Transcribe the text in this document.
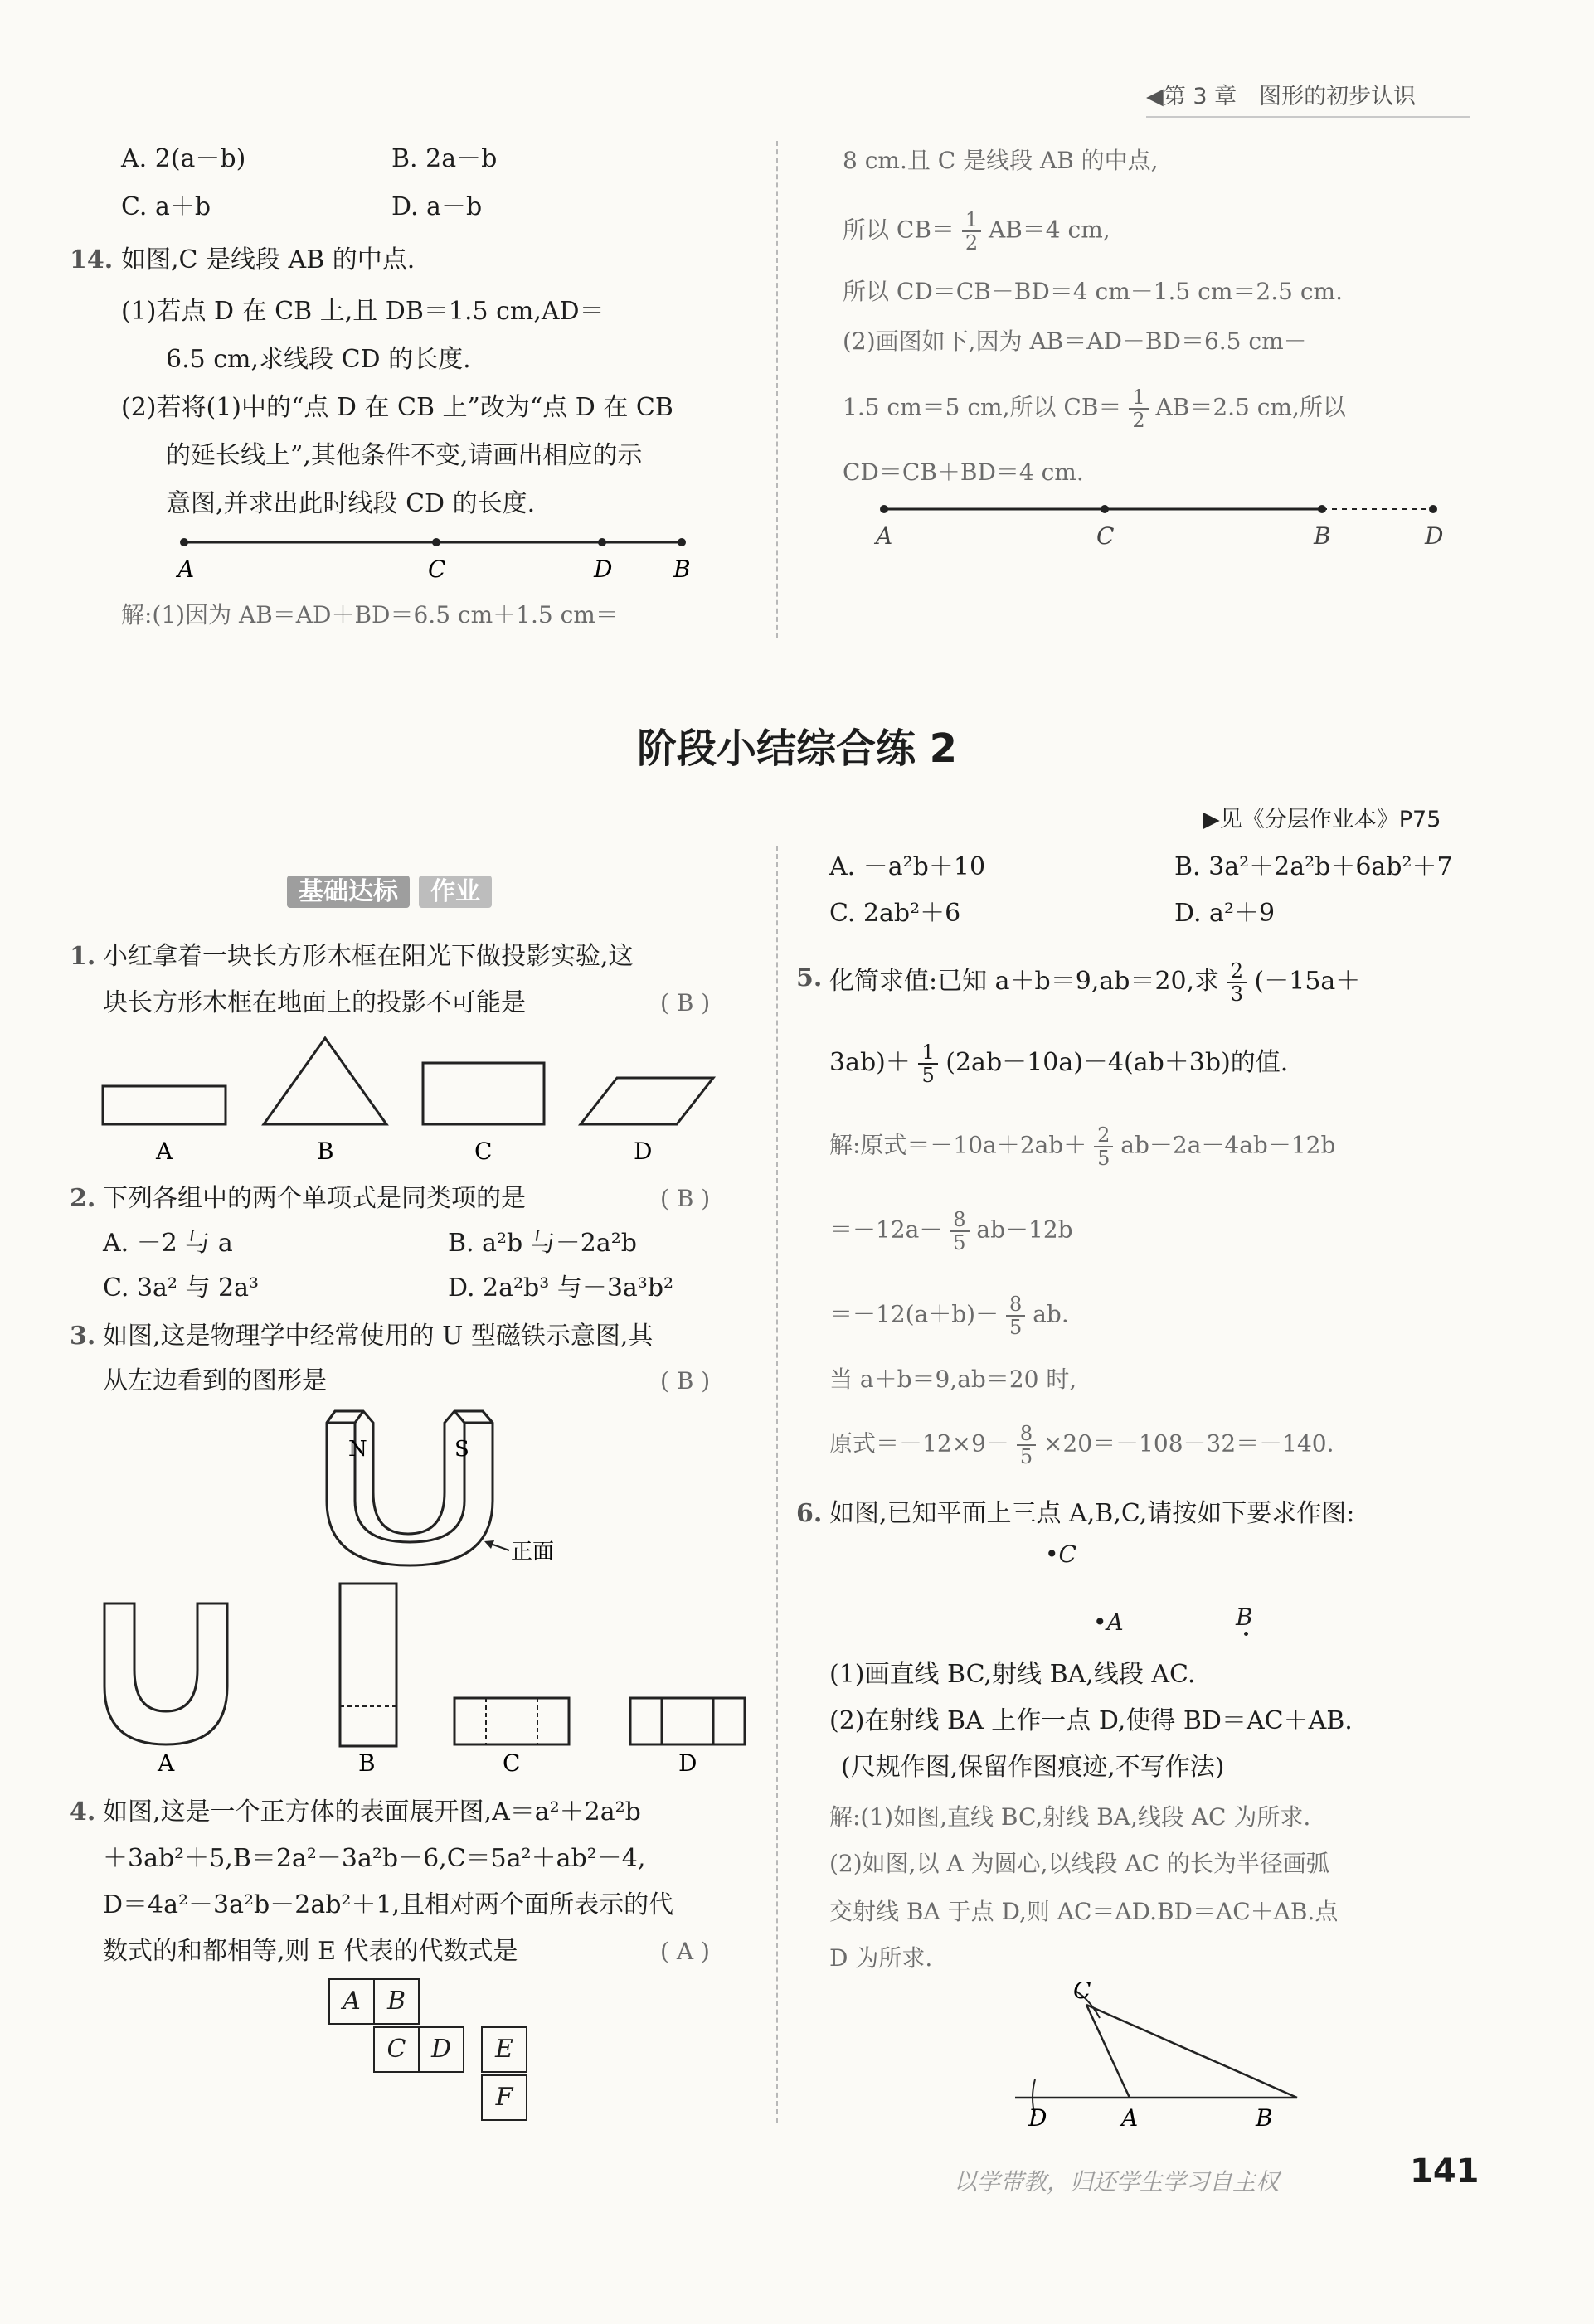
◀第 3 章　图形的初步认识
A. 2(a－b)	B. 2a－b
C. a＋b	D. a－b
14. 如图,C 是线段 AB 的中点.
(1)若点 D 在 CB 上,且 DB＝1.5 cm,AD＝
6.5 cm,求线段 CD 的长度.
(2)若将(1)中的“点 D 在 CB 上”改为“点 D 在 CB
的延长线上”,其他条件不变,请画出相应的示
意图,并求出此时线段 CD 的长度.
A	C	D	B
解:(1)因为 AB＝AD＋BD＝6.5 cm＋1.5 cm＝
8 cm.且 C 是线段 AB 的中点,
所以 $CB= \frac{1}{2} AB=4$ cm,
所以 CD＝CB－BD＝4 cm－1.5 cm＝2.5 cm.
(2)画图如下,因为 AB＝AD－BD＝6.5 cm－
1.5 cm＝5 cm,所以 $CB= \frac{1}{2} AB=2.5$ cm,所以
CD＝CB＋BD＝4 cm.
A	C	B	D
阶段小结综合练 2
▶见《分层作业本》P75
基础达标 作业
1. 小红拿着一块长方形木框在阳光下做投影实验,这
块长方形木框在地面上的投影不可能是	( B )
A	B	C	D
2. 下列各组中的两个单项式是同类项的是	( B )
A. －2 与 a	B. a²b 与－2a²b
C. 3a² 与 2a³	D. 2a²b³ 与－3a³b²
3. 如图,这是物理学中经常使用的 U 型磁铁示意图,其
从左边看到的图形是	( B )
N	S
正面
A	B	C	D
4. 如图,这是一个正方体的表面展开图,A＝a²＋2a²b
＋3ab²＋5,B＝2a²－3a²b－6,C＝5a²＋ab²－4,
D＝4a²－3a²b－2ab²＋1,且相对两个面所表示的代
数式的和都相等,则 E 代表的代数式是	( A )
A	B
C	D	E
F
A. －a²b＋10	B. 3a²＋2a²b＋6ab²＋7
C. 2ab²＋6	D. a²＋9
5. 化简求值:已知 a＋b＝9,ab＝20,求 $\frac{2}{3} (-15a+$
$3ab)+ \frac{1}{5} (2ab-10a)-4(ab+3b)$的值.
解:原式$=-10a+2ab+ \frac{2}{5} ab-2a-4ab-12b$
$=-12a- \frac{8}{5} ab-12b$
$=-12(a+b)- \frac{8}{5}$ ab.
当 a＋b＝9,ab＝20 时,
原式$=-12\times 9- \frac{8}{5} \times 20=-108-32=-140$.
6. 如图,已知平面上三点 A,B,C,请按如下要求作图:
•C
•A	B
(1)画直线 BC,射线 BA,线段 AC.
(2)在射线 BA 上作一点 D,使得 BD＝AC＋AB.
(尺规作图,保留作图痕迹,不写作法)
解:(1)如图,直线 BC,射线 BA,线段 AC 为所求.
(2)如图,以 A 为圆心,以线段 AC 的长为半径画弧
交射线 BA 于点 D,则 AC＝AD.BD＝AC＋AB.点
D 为所求.
C
D	A	B
以学带教，归还学生学习自主权	141
